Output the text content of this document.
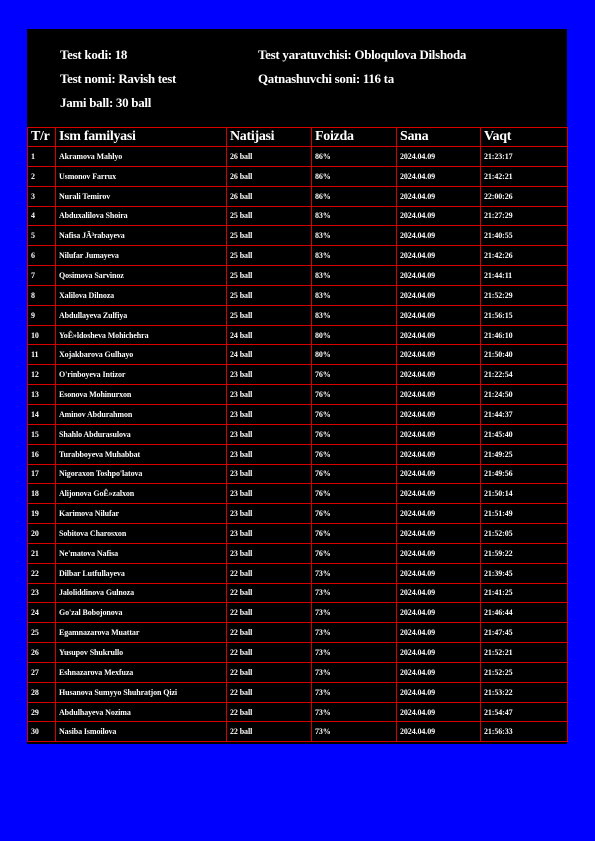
Test kodi: 18
Test nomi: Ravish test
Jami ball: 30 ball
Test yaratuvchisi: Obloqulova Dilshoda
Qatnashuvchi soni: 116 ta
T/r	Ism familyasi	Natijasi	Foizda	Sana	Vaqt
1	Akramova Mahlyo	26 ball	86%	2024.04.09	21:23:17
2	Usmonov Farrux	26 ball	86%	2024.04.09	21:42:21
3	Nurali Temirov	26 ball	86%	2024.04.09	22:00:26
4	Abduxalilova Shoira	25 ball	83%	2024.04.09	21:27:29
5	Nafisa JÃ³rabayeva	25 ball	83%	2024.04.09	21:40:55
6	Nilufar Jumayeva	25 ball	83%	2024.04.09	21:42:26
7	Qosimova Sarvinoz	25 ball	83%	2024.04.09	21:44:11
8	Xalilova Dilnoza	25 ball	83%	2024.04.09	21:52:29
9	Abdullayeva Zulfiya	25 ball	83%	2024.04.09	21:56:15
10	YoÊ»ldosheva Mohichehra	24 ball	80%	2024.04.09	21:46:10
11	Xojakbarova Gulhayo	24 ball	80%	2024.04.09	21:50:40
12	O'rinboyeva Intizor	23 ball	76%	2024.04.09	21:22:54
13	Esonova Mohinurxon	23 ball	76%	2024.04.09	21:24:50
14	Aminov Abdurahmon	23 ball	76%	2024.04.09	21:44:37
15	Shahlo Abdurasulova	23 ball	76%	2024.04.09	21:45:40
16	Turabboyeva Muhabbat	23 ball	76%	2024.04.09	21:49:25
17	Nigoraxon Toshpo'latova	23 ball	76%	2024.04.09	21:49:56
18	Alijonova GoÊ»zalxon	23 ball	76%	2024.04.09	21:50:14
19	Karimova Nilufar	23 ball	76%	2024.04.09	21:51:49
20	Sobitova Charosxon	23 ball	76%	2024.04.09	21:52:05
21	Ne'matova Nafisa	23 ball	76%	2024.04.09	21:59:22
22	Dilbar Lutfullayeva	22 ball	73%	2024.04.09	21:39:45
23	Jaloliddinova Gulnoza	22 ball	73%	2024.04.09	21:41:25
24	Go'zal Bobojonova	22 ball	73%	2024.04.09	21:46:44
25	Egamnazarova Muattar	22 ball	73%	2024.04.09	21:47:45
26	Yusupov Shukrullo	22 ball	73%	2024.04.09	21:52:21
27	Eshnazarova Mexfuza	22 ball	73%	2024.04.09	21:52:25
28	Husanova Sumyyo Shuhratjon Qizi	22 ball	73%	2024.04.09	21:53:22
29	Abdulhayeva Nozima	22 ball	73%	2024.04.09	21:54:47
30	Nasiba Ismoilova	22 ball	73%	2024.04.09	21:56:33
